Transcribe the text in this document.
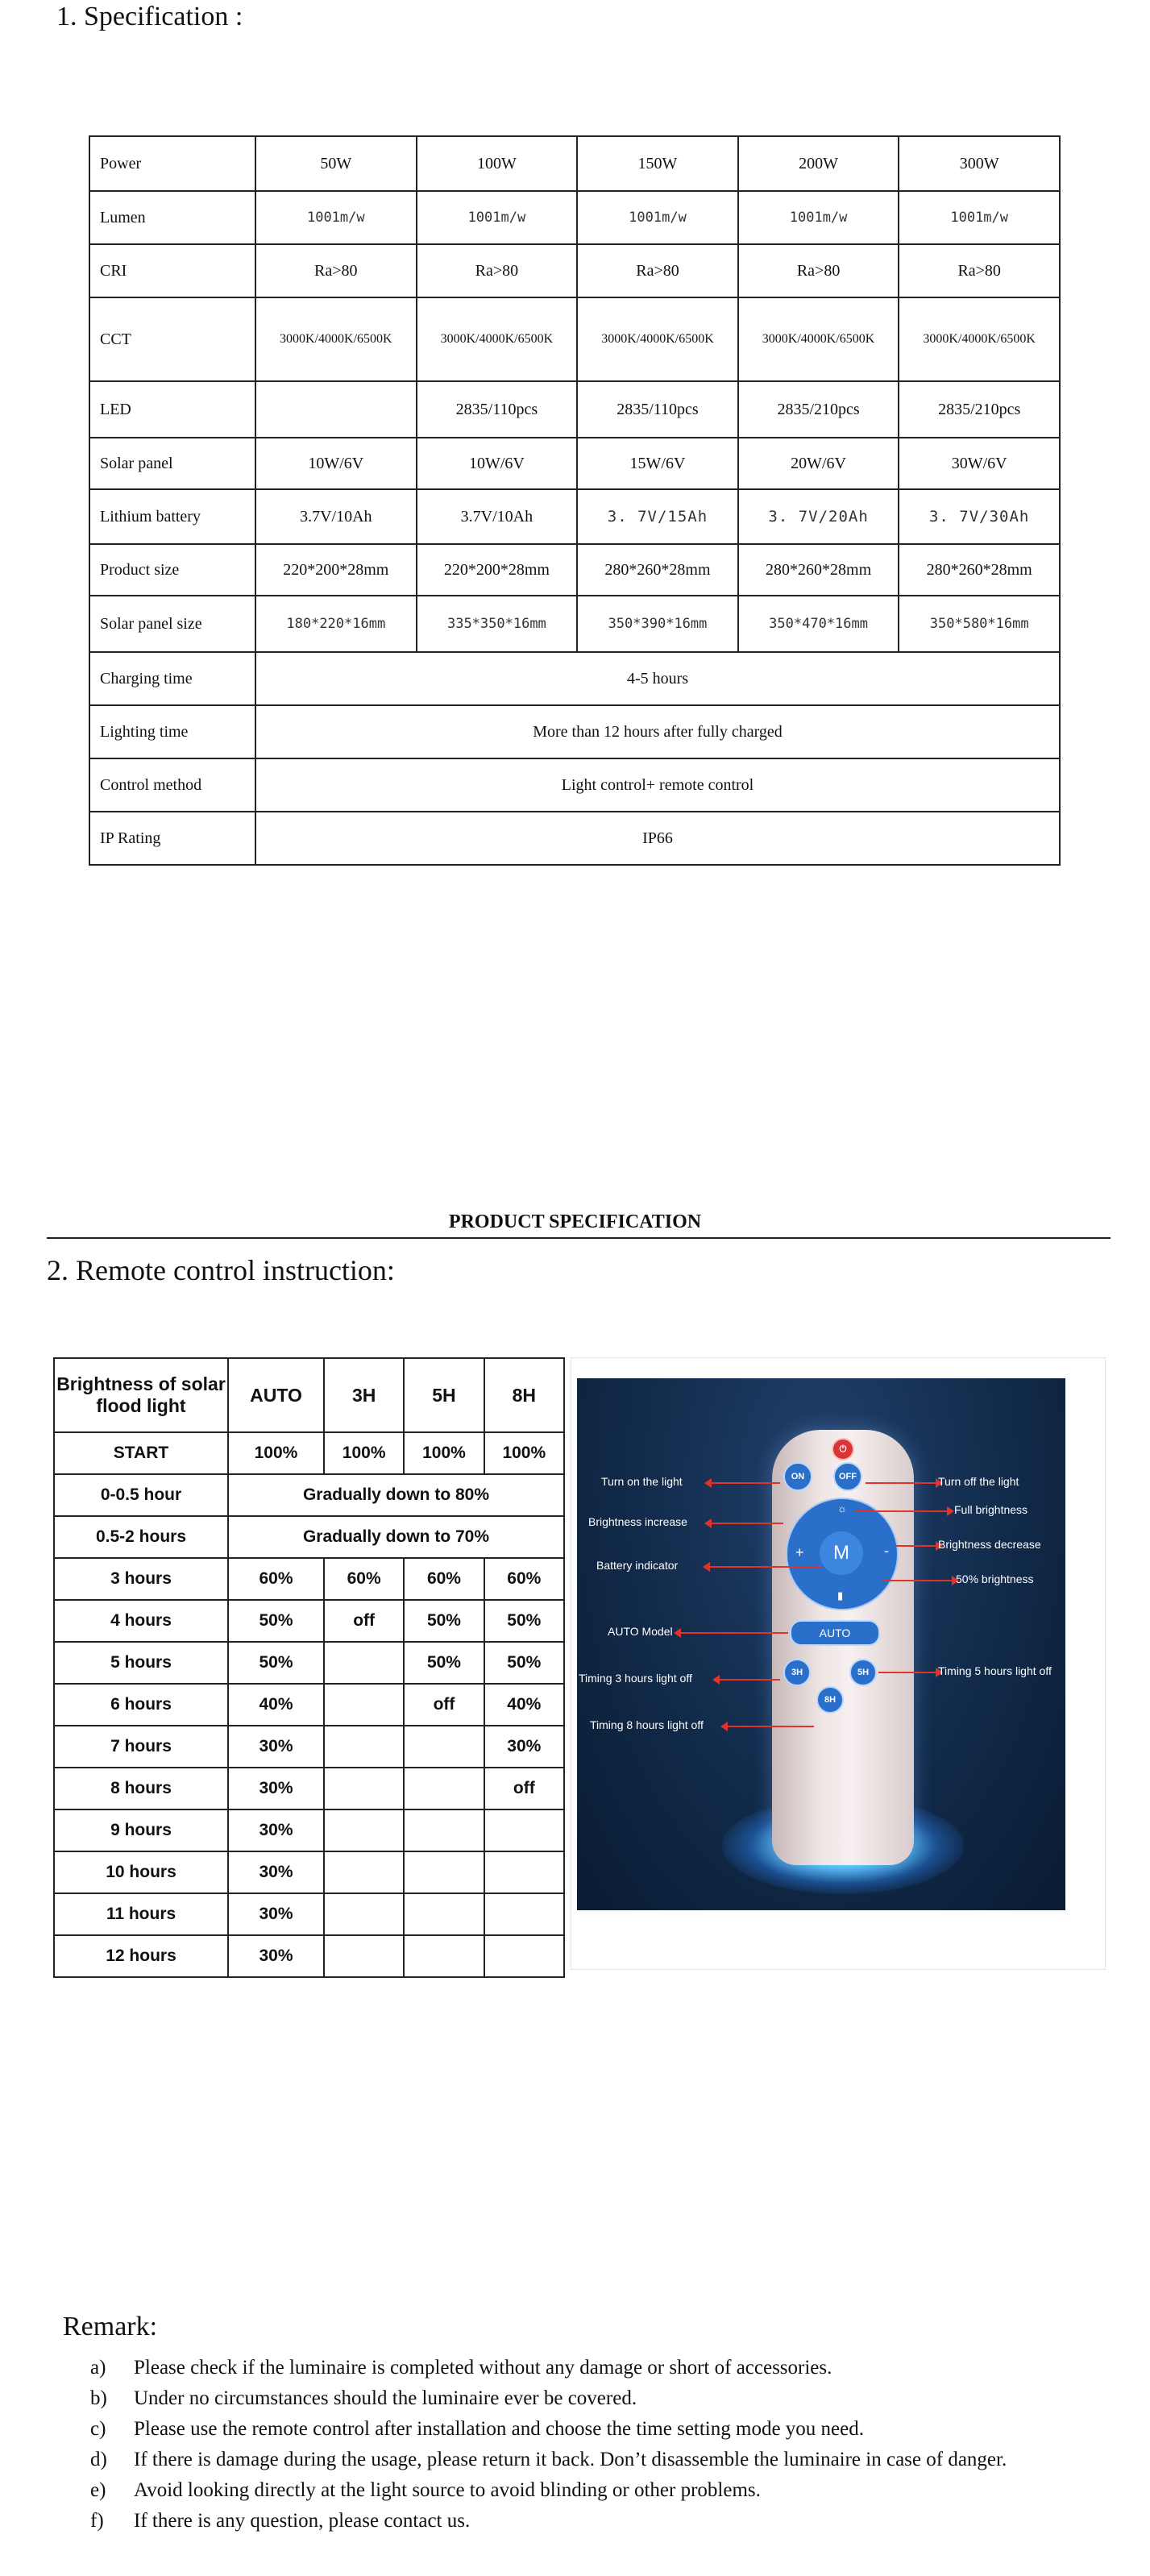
1. Specification :
Power	50W	100W	150W	200W	300W
Lumen	1001m/w	1001m/w	1001m/w	1001m/w	1001m/w
CRI	Ra>80	Ra>80	Ra>80	Ra>80	Ra>80
CCT	3000K/4000K/6500K	3000K/4000K/6500K	3000K/4000K/6500K	3000K/4000K/6500K	3000K/4000K/6500K
LED		2835/110pcs	2835/110pcs	2835/210pcs	2835/210pcs
Solar panel	10W/6V	10W/6V	15W/6V	20W/6V	30W/6V
Lithium battery	3.7V/10Ah	3.7V/10Ah	3. 7V/15Ah	3. 7V/20Ah	3. 7V/30Ah
Product size	220*200*28mm	220*200*28mm	280*260*28mm	280*260*28mm	280*260*28mm
Solar panel size	180*220*16mm	335*350*16mm	350*390*16mm	350*470*16mm	350*580*16mm
Charging time	4-5 hours				
Lighting time	More than 12 hours after fully charged				
Control method	Light control+ remote control				
IP Rating	IP66				
PRODUCT SPECIFICATION
2. Remote control instruction:
Brightness of solar flood light	AUTO	3H	5H	8H
START	100%	100%	100%	100%
0-0.5 hour	Gradually down to 80%			
0.5-2 hours	Gradually down to 70%			
3 hours	60%	60%	60%	60%
4 hours	50%	off	50%	50%
5 hours	50%		50%	50%
6 hours	40%		off	40%
7 hours	30%			30%
8 hours	30%			off
9 hours	30%			
10 hours	30%			
11 hours	30%			
12 hours	30%			
⏻
ON	OFF
M
+	-
☼
▮
AUTO
3H	5H
8H
Turn on the light
Brightness increase
Battery indicator
AUTO Model
Timing 3 hours light off
Timing 8 hours light off
Turn off the light
Full brightness
Brightness decrease
50% brightness
Timing 5 hours light off
Remark:
a)	Please check if the luminaire is completed without any damage or short of accessories.
b)	Under no circumstances should the luminaire ever be covered.
c)	Please use the remote control after installation and choose the time setting mode you need.
d)	If there is damage during the usage, please return it back. Don’t disassemble the luminaire in case of danger.
e)	Avoid looking directly at the light source to avoid blinding or other problems.
f)	If there is any question, please contact us.
